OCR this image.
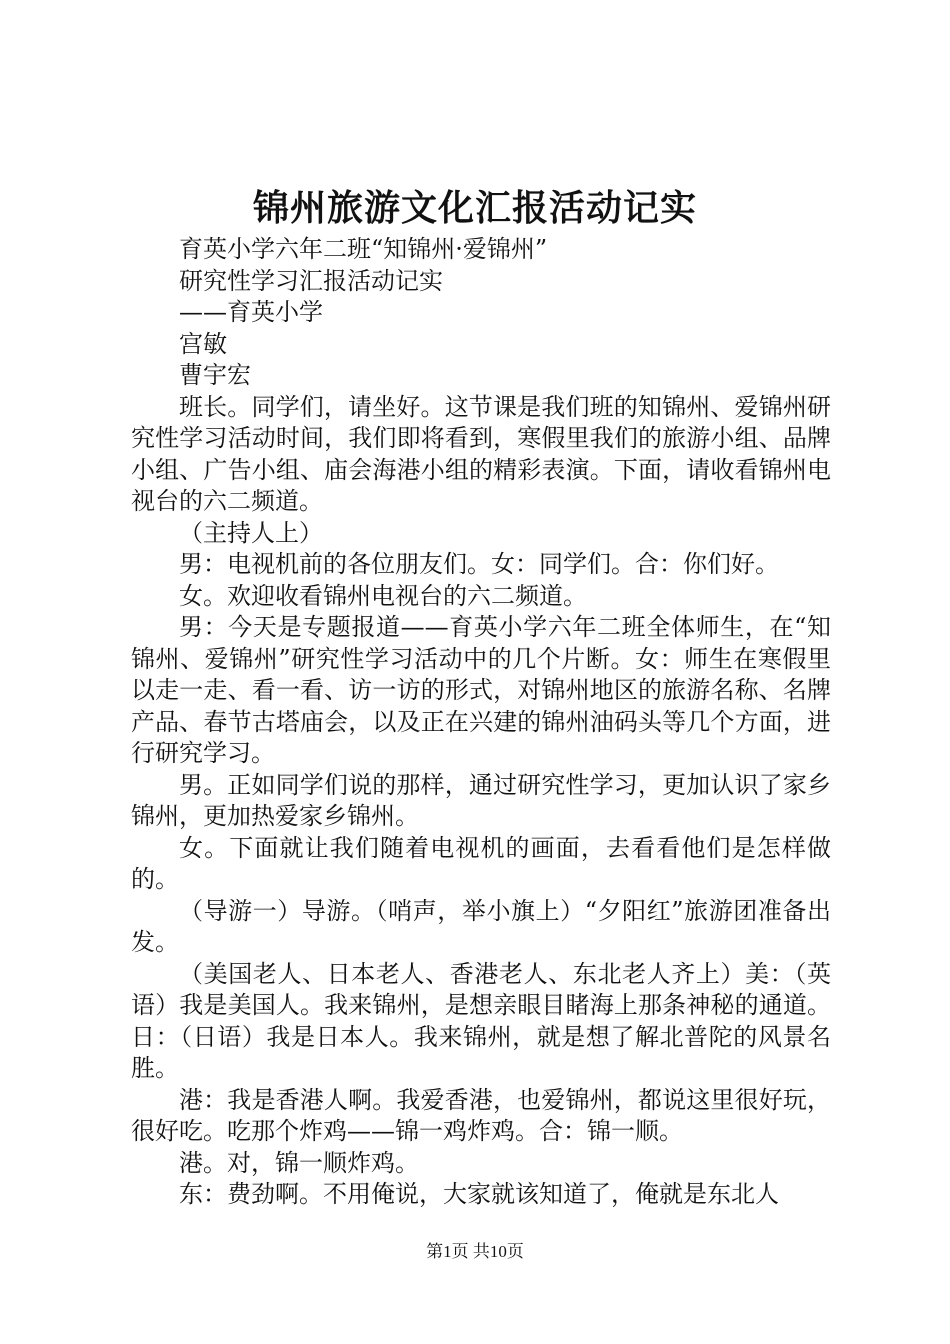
锦州旅游文化汇报活动记实

育英小学六年二班“知锦州·爱锦州”

研究性学习汇报活动记实

——育英小学

宫敏

曹宇宏

班长。同学们，请坐好。这节课是我们班的知锦州、爱锦州研究性学习活动时间，我们即将看到，寒假里我们的旅游小组、品牌小组、广告小组、庙会海港小组的精彩表演。下面，请收看锦州电视台的六二频道。

（主持人上）

男：电视机前的各位朋友们。女：同学们。合：你们好。

女。欢迎收看锦州电视台的六二频道。

男：今天是专题报道——育英小学六年二班全体师生，在“知锦州、爱锦州”研究性学习活动中的几个片断。女：师生在寒假里以走一走、看一看、访一访的形式，对锦州地区的旅游名称、名牌产品、春节古塔庙会，以及正在兴建的锦州油码头等几个方面，进行研究学习。

男。正如同学们说的那样，通过研究性学习，更加认识了家乡锦州，更加热爱家乡锦州。

女。下面就让我们随着电视机的画面，去看看他们是怎样做的。

（导游一）导游。（哨声，举小旗上）“夕阳红”旅游团准备出发。

（美国老人、日本老人、香港老人、东北老人齐上）美：（英语）我是美国人。我来锦州，是想亲眼目睹海上那条神秘的通道。日：（日语）我是日本人。我来锦州，就是想了解北普陀的风景名胜。

港：我是香港人啊。我爱香港，也爱锦州，都说这里很好玩，很好吃。吃那个炸鸡——锦一鸡炸鸡。合：锦一顺。

港。对，锦一顺炸鸡。

东：费劲啊。不用俺说，大家就该知道了，俺就是东北人

第1页 共10页
